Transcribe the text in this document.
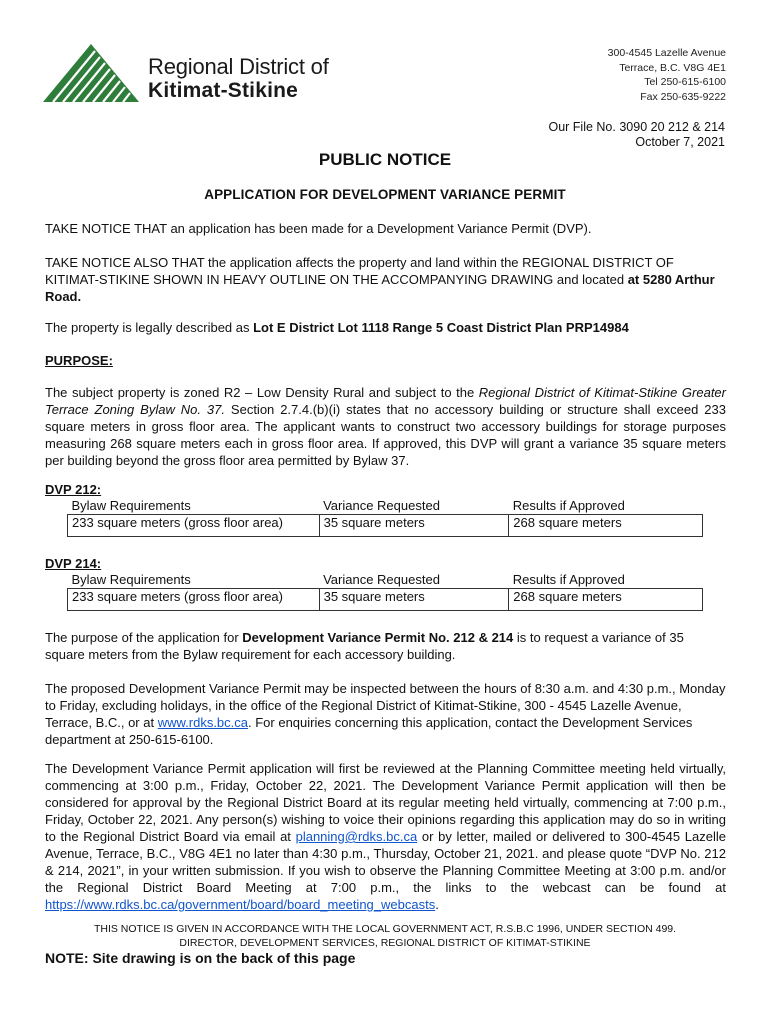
Regional District of
Kitimat-Stikine
300-4545 Lazelle Avenue
Terrace, B.C. V8G 4E1
Tel 250-615-6100
Fax 250-635-9222
Our File No. 3090 20 212 & 214
October 7, 2021
PUBLIC NOTICE
APPLICATION FOR DEVELOPMENT VARIANCE PERMIT
TAKE NOTICE THAT an application has been made for a Development Variance Permit (DVP).
TAKE NOTICE ALSO THAT the application affects the property and land within the REGIONAL DISTRICT OF KITIMAT-STIKINE SHOWN IN HEAVY OUTLINE ON THE ACCOMPANYING DRAWING and located at 5280 Arthur Road.
The property is legally described as Lot E District Lot 1118 Range 5 Coast District Plan PRP14984
PURPOSE:
The subject property is zoned R2 – Low Density Rural and subject to the Regional District of Kitimat-Stikine Greater Terrace Zoning Bylaw No. 37. Section 2.7.4.(b)(i) states that no accessory building or structure shall exceed 233 square meters in gross floor area. The applicant wants to construct two accessory buildings for storage purposes measuring 268 square meters each in gross floor area. If approved, this DVP will grant a variance 35 square meters per building beyond the gross floor area permitted by Bylaw 37.
DVP 212:
Bylaw Requirements	Variance Requested	Results if Approved
233 square meters (gross floor area)	35 square meters	268 square meters
DVP 214:
Bylaw Requirements	Variance Requested	Results if Approved
233 square meters (gross floor area)	35 square meters	268 square meters
The purpose of the application for Development Variance Permit No. 212 & 214 is to request a variance of 35 square meters from the Bylaw requirement for each accessory building.
The proposed Development Variance Permit may be inspected between the hours of 8:30 a.m. and 4:30 p.m., Monday to Friday, excluding holidays, in the office of the Regional District of Kitimat-Stikine, 300 - 4545 Lazelle Avenue, Terrace, B.C., or at www.rdks.bc.ca. For enquiries concerning this application, contact the Development Services department at 250-615-6100.
The Development Variance Permit application will first be reviewed at the Planning Committee meeting held virtually, commencing at 3:00 p.m., Friday, October 22, 2021. The Development Variance Permit application will then be considered for approval by the Regional District Board at its regular meeting held virtually, commencing at 7:00 p.m., Friday, October 22, 2021. Any person(s) wishing to voice their opinions regarding this application may do so in writing to the Regional District Board via email at planning@rdks.bc.ca or by letter, mailed or delivered to 300-4545 Lazelle Avenue, Terrace, B.C., V8G 4E1 no later than 4:30 p.m., Thursday, October 21, 2021. and please quote “DVP No. 212 & 214, 2021”, in your written submission. If you wish to observe the Planning Committee Meeting at 3:00 p.m. and/or the Regional District Board Meeting at 7:00 p.m., the links to the webcast can be found at https://www.rdks.bc.ca/government/board/board_meeting_webcasts.
THIS NOTICE IS GIVEN IN ACCORDANCE WITH THE LOCAL GOVERNMENT ACT, R.S.B.C 1996, UNDER SECTION 499.
DIRECTOR, DEVELOPMENT SERVICES, REGIONAL DISTRICT OF KITIMAT-STIKINE
NOTE: Site drawing is on the back of this page
